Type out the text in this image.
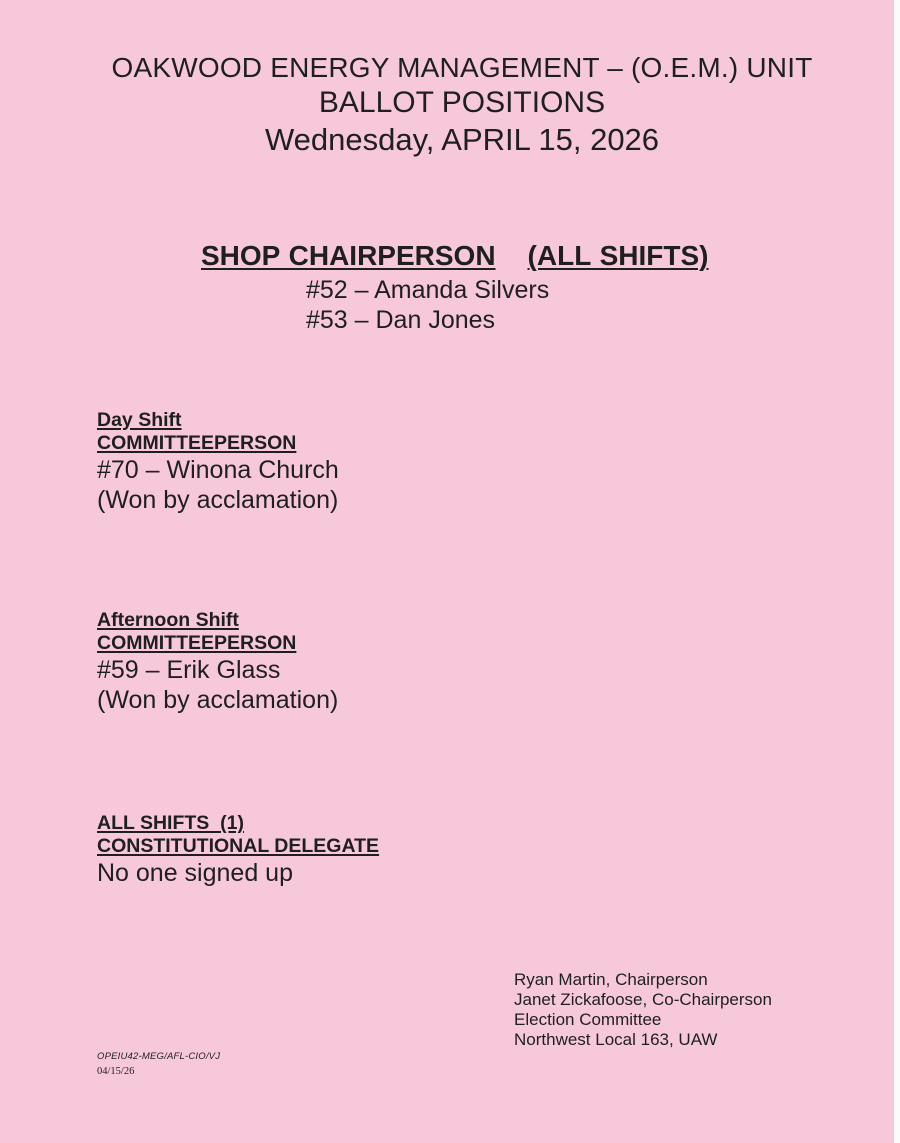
OAKWOOD ENERGY MANAGEMENT – (O.E.M.) UNIT
BALLOT POSITIONS
Wednesday, APRIL 15, 2026
SHOP CHAIRPERSON (ALL SHIFTS)
#52 – Amanda Silvers
#53 – Dan Jones
Day Shift
COMMITTEEPERSON
#70 – Winona Church
(Won by acclamation)
Afternoon Shift
COMMITTEEPERSON
#59 – Erik Glass
(Won by acclamation)
ALL SHIFTS  (1)
CONSTITUTIONAL DELEGATE
No one signed up
Ryan Martin, Chairperson
Janet Zickafoose, Co-Chairperson
Election Committee
Northwest Local 163, UAW
OPEIU42-MEG/AFL-CIO/VJ
04/15/26
